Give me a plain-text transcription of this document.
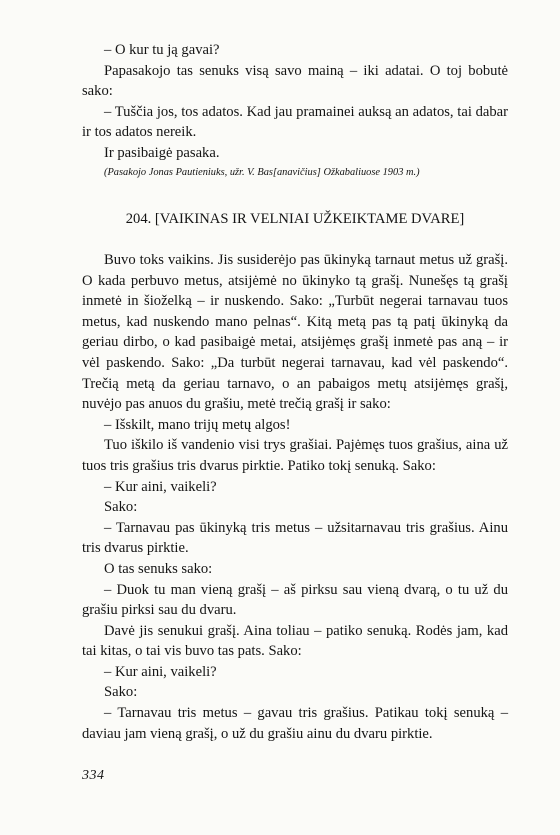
– O kur tu ją gavai?

Papasakojo tas senuks visą savo mainą – iki adatai. O toj bobutė sako:

– Tuščia jos, tos adatos. Kad jau pramainei auksą an adatos, tai dabar ir tos adatos nereik.

Ir pasibaigė pasaka.

(Pasakojo Jonas Pautieniuks, užr. V. Bas[anavičius] Ožkabaliuose 1903 m.)
204. [VAIKINAS IR VELNIAI UŽKEIKTAME DVARE]

Buvo toks vaikins. Jis susiderėjo pas ūkinyką tarnaut metus už grašį. O kada perbuvo metus, atsijėmė no ūkinyko tą grašį. Nunešęs tą grašį inmetė in šioželką – ir nuskendo. Sako: „Turbūt negerai tarnavau tuos metus, kad nuskendo mano pelnas“. Kitą metą pas tą patį ūkinyką da geriau dirbo, o kad pasibaigė metai, atsijėmęs grašį inmetė pas aną – ir vėl paskendo. Sako: „Da turbūt negerai tarnavau, kad vėl paskendo“. Trečią metą da geriau tarnavo, o an pabaigos metų atsijėmęs grašį, nuvėjo pas anuos du grašiu, metė trečią grašį ir sako:

– Išskilt, mano trijų metų algos!

Tuo iškilo iš vandenio visi trys grašiai. Pajėmęs tuos grašius, aina už tuos tris grašius tris dvarus pirktie. Patiko tokį senuką. Sako:

– Kur aini, vaikeli?

Sako:

– Tarnavau pas ūkinyką tris metus – užsitarnavau tris grašius. Ainu tris dvarus pirktie.

O tas senuks sako:

– Duok tu man vieną grašį – aš pirksu sau vieną dvarą, o tu už du grašiu pirksi sau du dvaru.

Davė jis senukui grašį. Aina toliau – patiko senuką. Rodės jam, kad tai kitas, o tai vis buvo tas pats. Sako:

– Kur aini, vaikeli?

Sako:

– Tarnavau tris metus – gavau tris grašius. Patikau tokį senuką – daviau jam vieną grašį, o už du grašiu ainu du dvaru pirktie.

334
